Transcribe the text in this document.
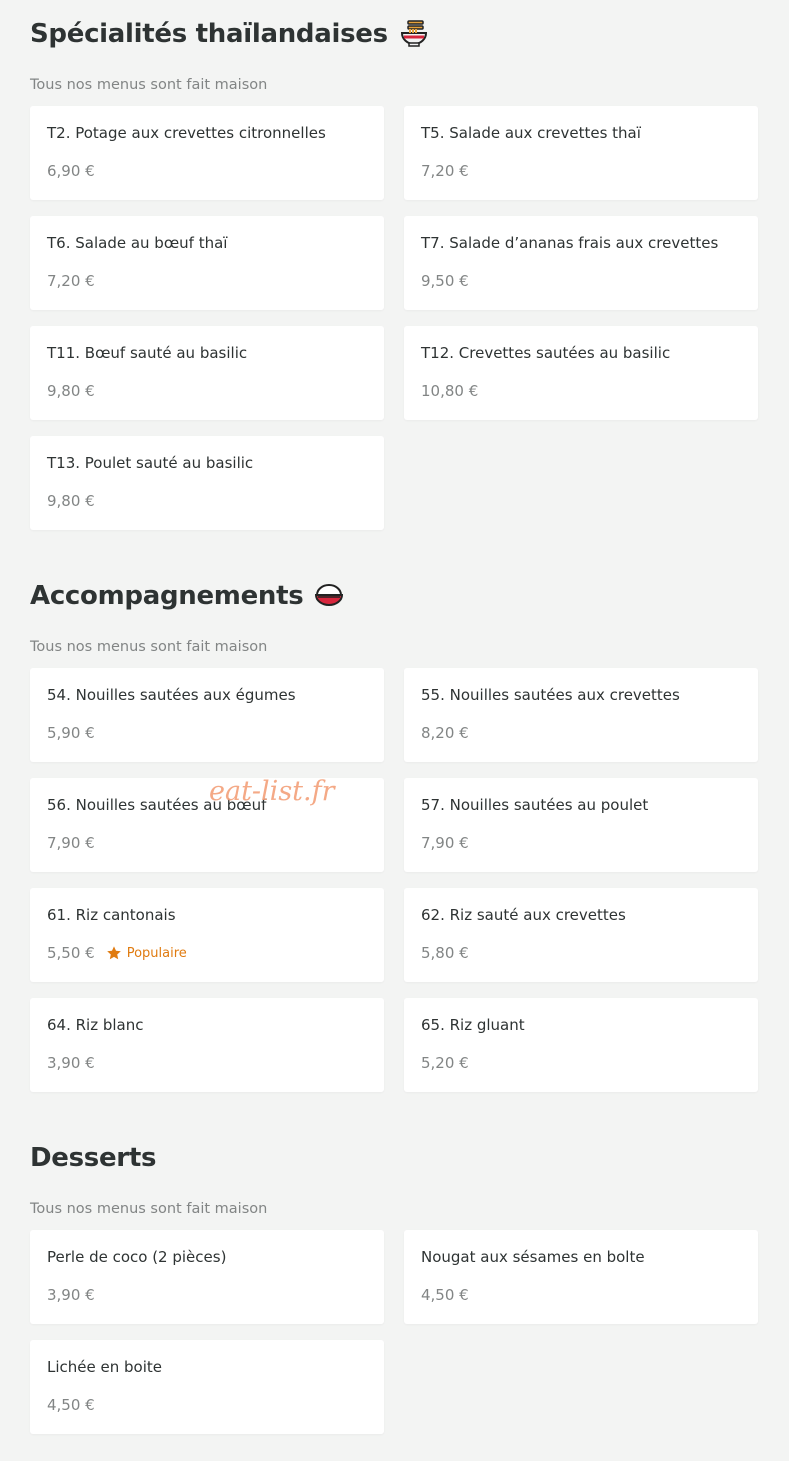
Spécialités thaïlandaises
Tous nos menus sont fait maison
T2. Potage aux crevettes citronnelles
6,90 €
T5. Salade aux crevettes thaï
7,20 €
T6. Salade au bœuf thaï
7,20 €
T7. Salade d’ananas frais aux crevettes
9,50 €
T11. Bœuf sauté au basilic
9,80 €
T12. Crevettes sautées au basilic
10,80 €
T13. Poulet sauté au basilic
9,80 €
Accompagnements
Tous nos menus sont fait maison
54. Nouilles sautées aux égumes
5,90 €
55. Nouilles sautées aux crevettes
8,20 €
56. Nouilles sautées au bœuf
7,90 €
57. Nouilles sautées au poulet
7,90 €
61. Riz cantonais
5,50 € Populaire
62. Riz sauté aux crevettes
5,80 €
64. Riz blanc
3,90 €
65. Riz gluant
5,20 €
Desserts
Tous nos menus sont fait maison
Perle de coco (2 pièces)
3,90 €
Nougat aux sésames en bolte
4,50 €
Lichée en boite
4,50 €
eat-list.fr
